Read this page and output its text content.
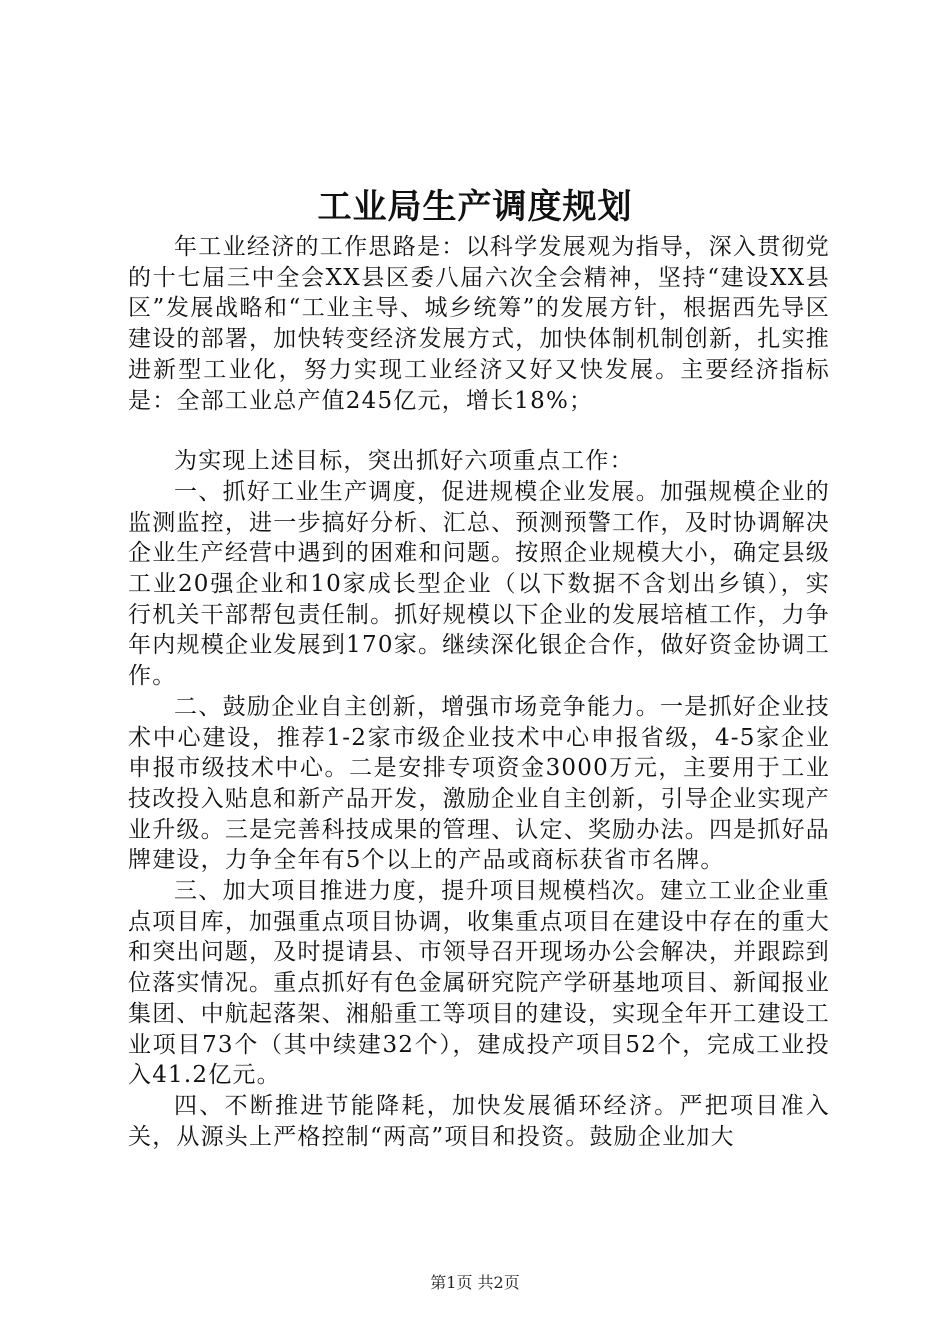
工业局生产调度规划

年工业经济的工作思路是：以科学发展观为指导，深入贯彻党的十七届三中全会XX县区委八届六次全会精神，坚持“建设XX县区”发展战略和“工业主导、城乡统筹”的发展方针，根据西先导区建设的部署，加快转变经济发展方式，加快体制机制创新，扎实推进新型工业化，努力实现工业经济又好又快发展。主要经济指标是：全部工业总产值245亿元，增长18%；

为实现上述目标，突出抓好六项重点工作：

一、抓好工业生产调度，促进规模企业发展。加强规模企业的监测监控，进一步搞好分析、汇总、预测预警工作，及时协调解决企业生产经营中遇到的困难和问题。按照企业规模大小，确定县级工业20强企业和10家成长型企业（以下数据不含划出乡镇），实行机关干部帮包责任制。抓好规模以下企业的发展培植工作，力争年内规模企业发展到170家。继续深化银企合作，做好资金协调工作。

二、鼓励企业自主创新，增强市场竞争能力。一是抓好企业技术中心建设，推荐1-2家市级企业技术中心申报省级，4-5家企业申报市级技术中心。二是安排专项资金3000万元，主要用于工业技改投入贴息和新产品开发，激励企业自主创新，引导企业实现产业升级。三是完善科技成果的管理、认定、奖励办法。四是抓好品牌建设，力争全年有5个以上的产品或商标获省市名牌。

三、加大项目推进力度，提升项目规模档次。建立工业企业重点项目库，加强重点项目协调，收集重点项目在建设中存在的重大和突出问题，及时提请县、市领导召开现场办公会解决，并跟踪到位落实情况。重点抓好有色金属研究院产学研基地项目、新闻报业集团、中航起落架、湘船重工等项目的建设，实现全年开工建设工业项目73个（其中续建32个），建成投产项目52个，完成工业投入41.2亿元。

四、不断推进节能降耗，加快发展循环经济。严把项目准入关，从源头上严格控制“两高”项目和投资。鼓励企业加大

第1页 共2页
